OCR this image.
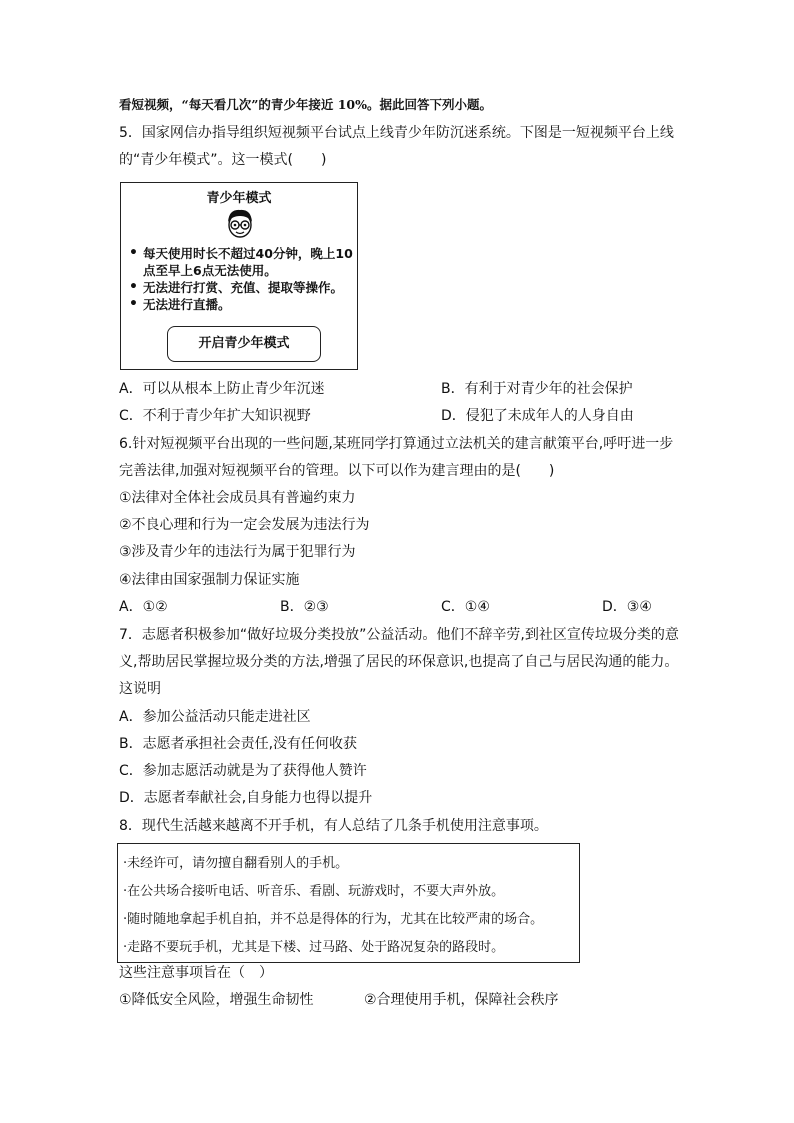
看短视频，“每天看几次”的青少年接近 10%。据此回答下列小题。
5．国家网信办指导组织短视频平台试点上线青少年防沉迷系统。下图是一短视频平台上线
的“青少年模式”。这一模式(　　)
青少年模式
• 每天使用时长不超过40分钟，晚上10点至早上6点无法使用。
• 无法进行打赏、充值、提取等操作。
• 无法进行直播。
开启青少年模式
A．可以从根本上防止青少年沉迷	B．有利于对青少年的社会保护
C．不利于青少年扩大知识视野	D．侵犯了未成年人的人身自由
6.针对短视频平台出现的一些问题,某班同学打算通过立法机关的建言献策平台,呼吁进一步
完善法律,加强对短视频平台的管理。以下可以作为建言理由的是(　　)
①法律对全体社会成员具有普遍约束力
②不良心理和行为一定会发展为违法行为
③涉及青少年的违法行为属于犯罪行为
④法律由国家强制力保证实施
A．①②	B．②③	C．①④	D．③④
7．志愿者积极参加“做好垃圾分类投放”公益活动。他们不辞辛劳,到社区宣传垃圾分类的意
义,帮助居民掌握垃圾分类的方法,增强了居民的环保意识,也提高了自己与居民沟通的能力。
这说明
A．参加公益活动只能走进社区
B．志愿者承担社会责任,没有任何收获
C．参加志愿活动就是为了获得他人赞许
D．志愿者奉献社会,自身能力也得以提升
8．现代生活越来越离不开手机，有人总结了几条手机使用注意事项。
·未经许可，请勿擅自翻看别人的手机。
·在公共场合接听电话、听音乐、看剧、玩游戏时，不要大声外放。
·随时随地拿起手机自拍，并不总是得体的行为，尤其在比较严肃的场合。
·走路不要玩手机，尤其是下楼、过马路、处于路况复杂的路段时。
这些注意事项旨在（　）
①降低安全风险，增强生命韧性	②合理使用手机，保障社会秩序
